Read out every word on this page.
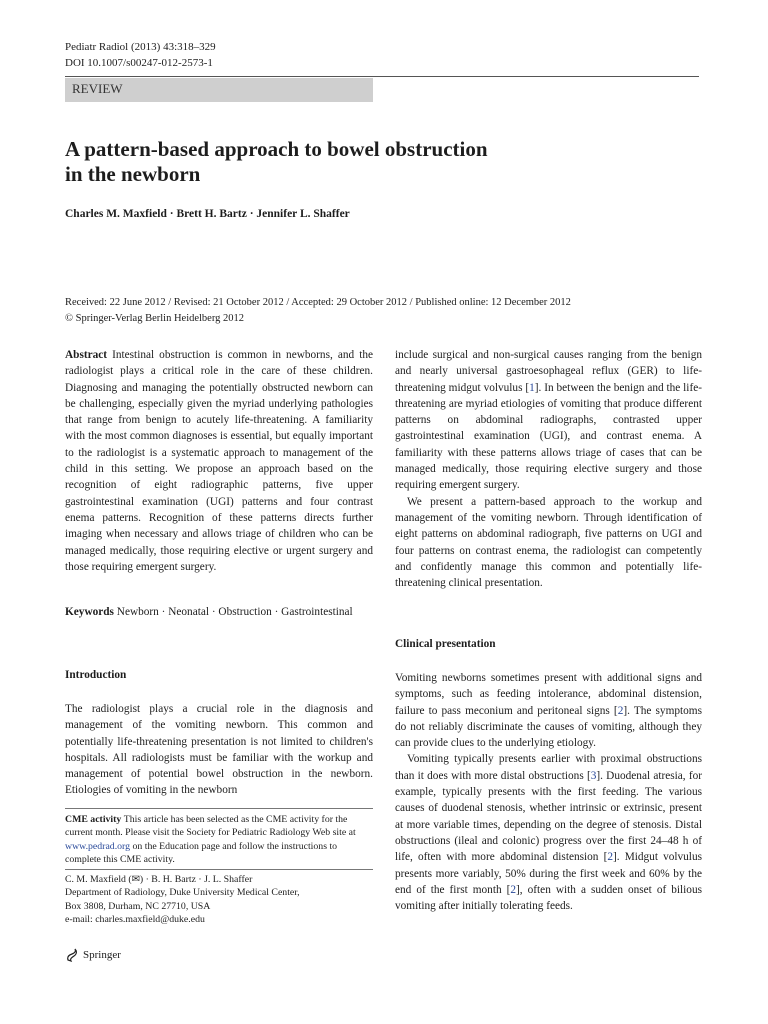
Pediatr Radiol (2013) 43:318–329
DOI 10.1007/s00247-012-2573-1
REVIEW
A pattern-based approach to bowel obstruction
in the newborn
Charles M. Maxfield · Brett H. Bartz · Jennifer L. Shaffer
Received: 22 June 2012 / Revised: 21 October 2012 / Accepted: 29 October 2012 / Published online: 12 December 2012
© Springer-Verlag Berlin Heidelberg 2012

Abstract Intestinal obstruction is common in newborns, and the radiologist plays a critical role in the care of these children. Diagnosing and managing the potentially obstructed newborn can be challenging, especially given the myriad underlying pathologies that range from benign to acutely life-threatening. A familiarity with the most common diagnoses is essential, but equally important to the radiologist is a systematic approach to management of the child in this setting. We propose an approach based on the recognition of eight radiographic patterns, five upper gastrointestinal examination (UGI) patterns and four contrast enema patterns. Recognition of these patterns directs further imaging when necessary and allows triage of children who can be managed medically, those requiring elective or urgent surgery and those requiring emergent surgery.

Keywords Newborn · Neonatal · Obstruction · Gastrointestinal

Introduction

The radiologist plays a crucial role in the diagnosis and management of the vomiting newborn. This common and potentially life-threatening presentation is not limited to children's hospitals. All radiologists must be familiar with the workup and management of potential bowel obstruction in the newborn. Etiologies of vomiting in the newborn

CME activity This article has been selected as the CME activity for the current month. Please visit the Society for Pediatric Radiology Web site at www.pedrad.org on the Education page and follow the instructions to complete this CME activity.
C. M. Maxfield (✉) · B. H. Bartz · J. L. Shaffer
Department of Radiology, Duke University Medical Center,
Box 3808, Durham, NC 27710, USA
e-mail: charles.maxfield@duke.edu
Springer

include surgical and non-surgical causes ranging from the benign and nearly universal gastroesophageal reflux (GER) to life-threatening midgut volvulus [1]. In between the benign and the life-threatening are myriad etiologies of vomiting that produce different patterns on abdominal radiographs, contrasted upper gastrointestinal examination (UGI), and contrast enema. A familiarity with these patterns allows triage of cases that can be managed medically, those requiring elective surgery and those requiring emergent surgery.

We present a pattern-based approach to the workup and management of the vomiting newborn. Through identification of eight patterns on abdominal radiograph, five patterns on UGI and four patterns on contrast enema, the radiologist can competently and confidently manage this common and potentially life-threatening clinical presentation.

Clinical presentation

Vomiting newborns sometimes present with additional signs and symptoms, such as feeding intolerance, abdominal distension, failure to pass meconium and peritoneal signs [2]. The symptoms do not reliably discriminate the causes of vomiting, although they can provide clues to the underlying etiology.

Vomiting typically presents earlier with proximal obstructions than it does with more distal obstructions [3]. Duodenal atresia, for example, typically presents with the first feeding. The various causes of duodenal stenosis, whether intrinsic or extrinsic, present at more variable times, depending on the degree of stenosis. Distal obstructions (ileal and colonic) progress over the first 24–48 h of life, often with more abdominal distension [2]. Midgut volvulus presents more variably, 50% during the first week and 60% by the end of the first month [2], often with a sudden onset of bilious vomiting after initially tolerating feeds.
